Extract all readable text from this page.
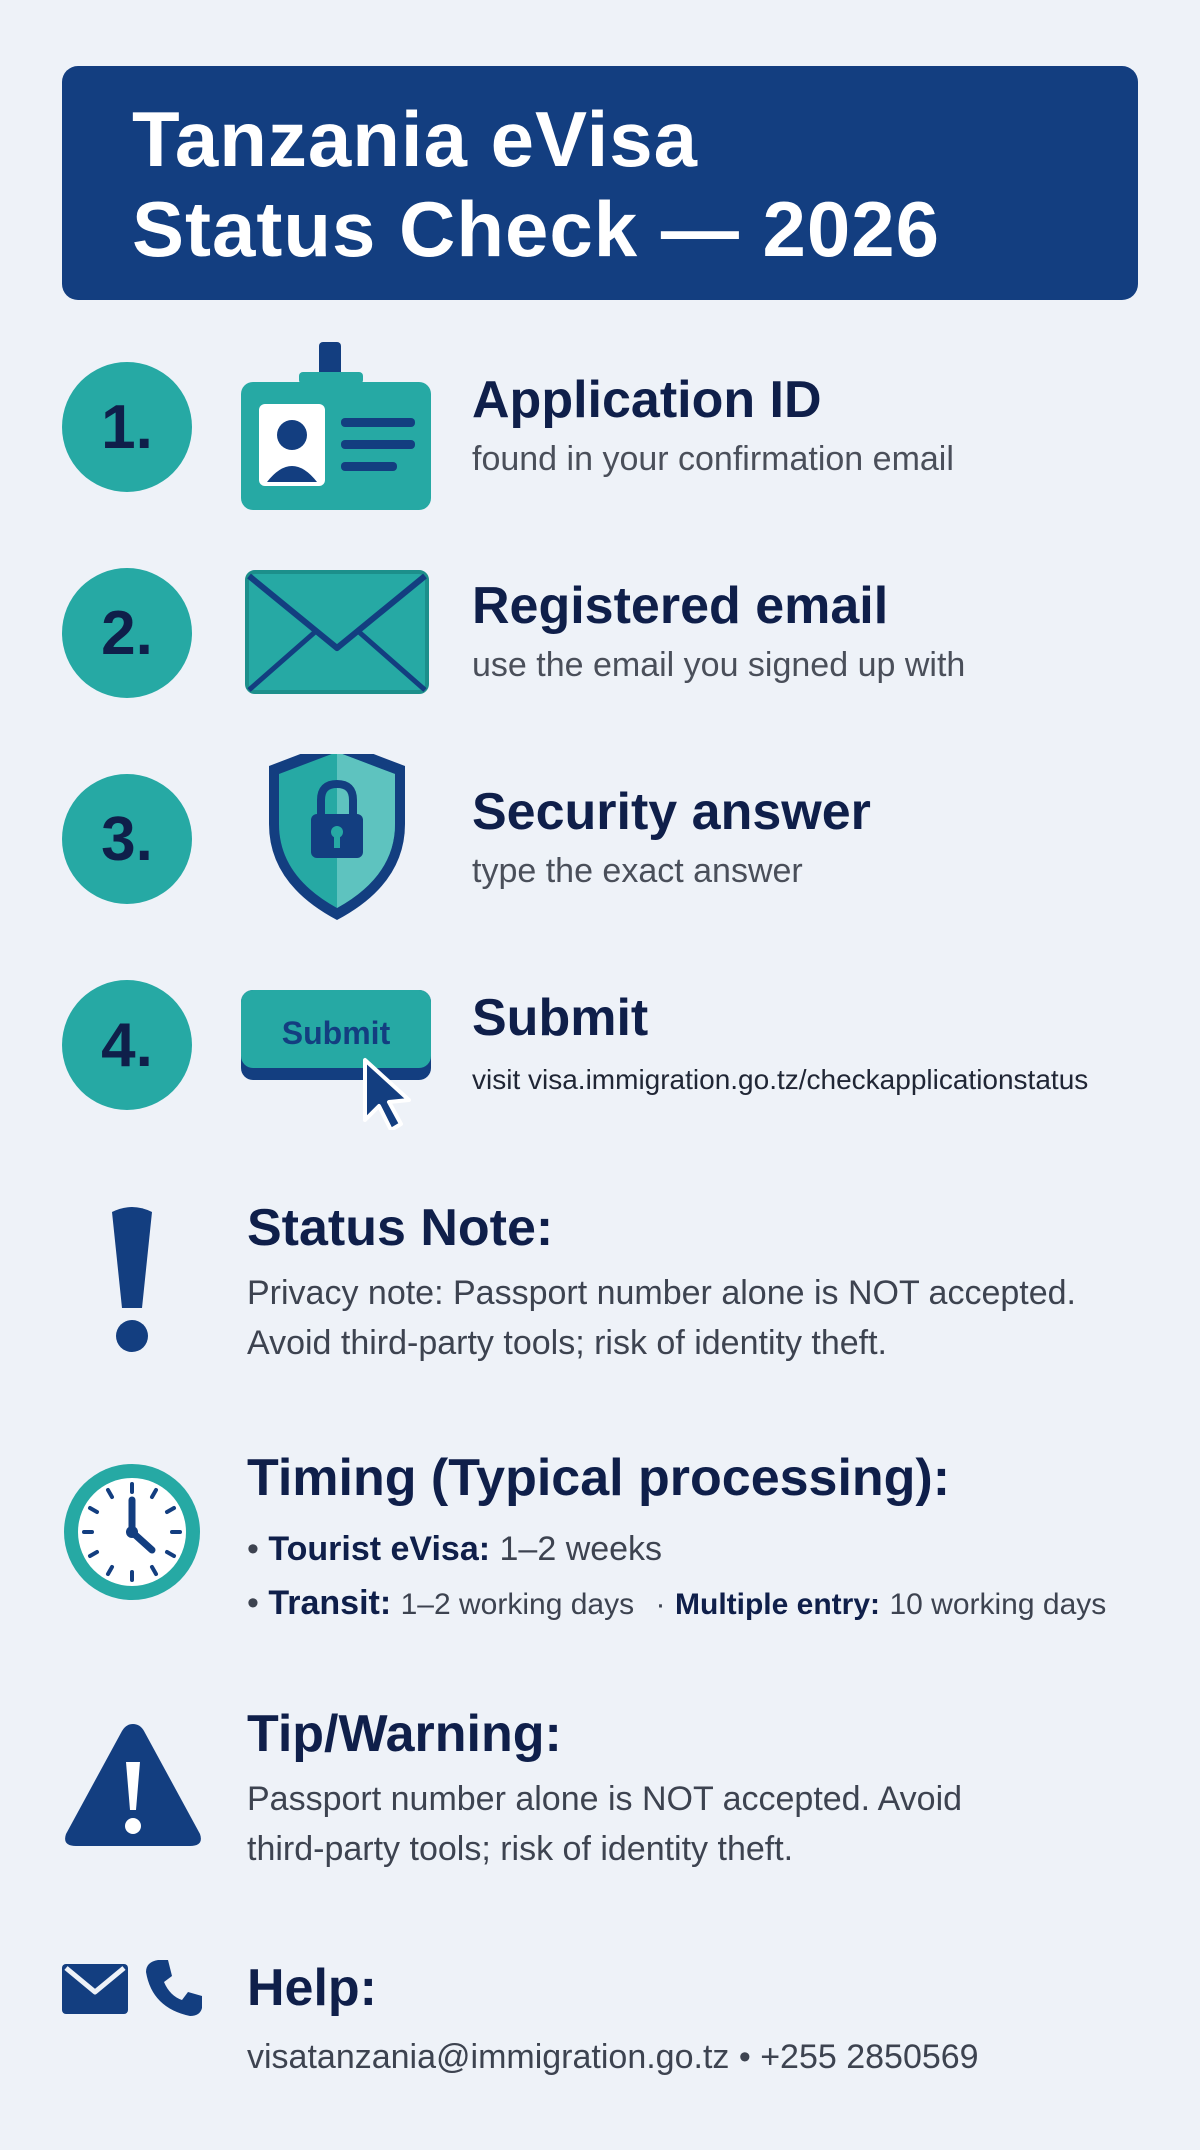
Tanzania eVisa
Status Check — 2026
1.	Application ID
found in your confirmation email
2.	Registered email
use the email you signed up with
3.	Security answer
type the exact answer
4.	Submit Submit
visit visa.immigration.go.tz/checkapplicationstatus
Status Note:
Privacy note: Passport number alone is NOT accepted.
Avoid third-party tools; risk of identity theft.
Timing (Typical processing):
• Tourist eVisa: 1–2 weeks
• Transit: 1–2 working days · Multiple entry: 10 working days
Tip/Warning:
Passport number alone is NOT accepted. Avoid
third-party tools; risk of identity theft.
Help:
visatanzania@immigration.go.tz • +255 2850569
